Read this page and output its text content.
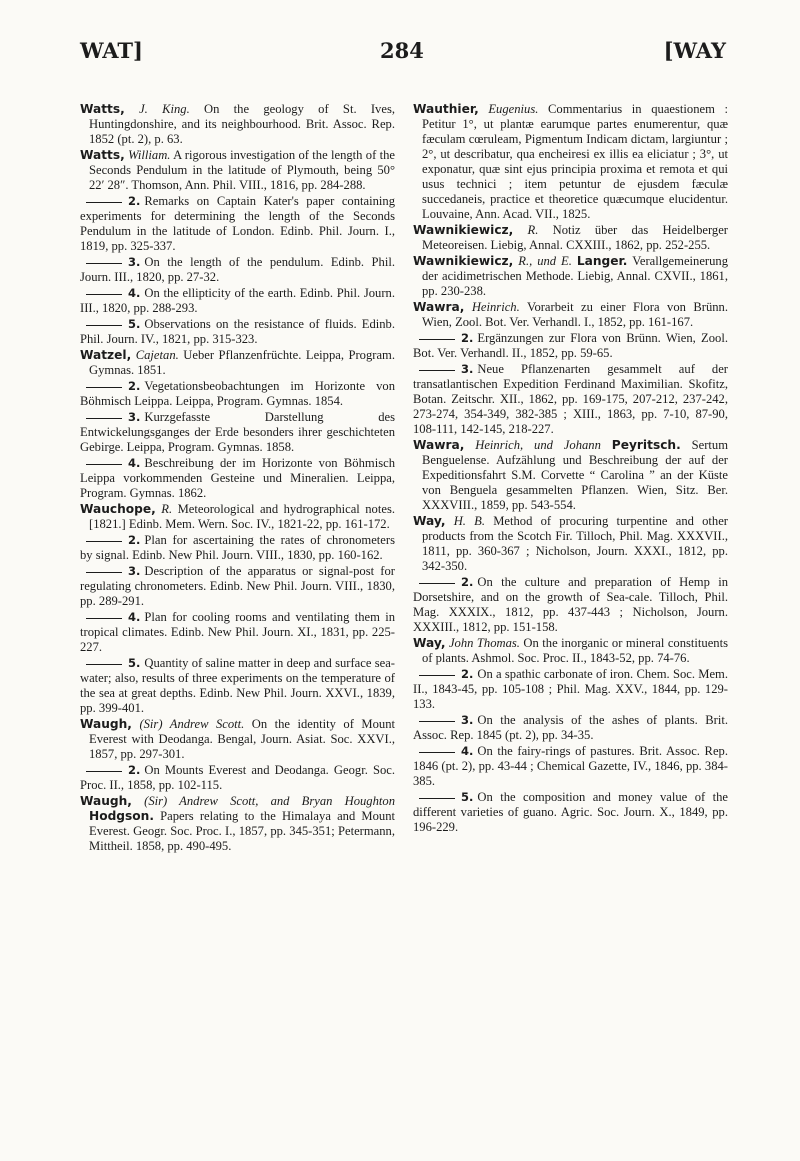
WAT]	284	[WAY

Watts, J. King. On the geology of St. Ives, Huntingdonshire, and its neighbourhood. Brit. Assoc. Rep. 1852 (pt. 2), p. 63.

Watts, William. A rigorous investigation of the length of the Seconds Pendulum in the latitude of Plymouth, being 50° 22′ 28″. Thomson, Ann. Phil. VIII., 1816, pp. 284-288.

2. Remarks on Captain Kater's paper containing experiments for determining the length of the Seconds Pendulum in the latitude of London. Edinb. Phil. Journ. I., 1819, pp. 325-337.

3. On the length of the pendulum. Edinb. Phil. Journ. III., 1820, pp. 27-32.

4. On the ellipticity of the earth. Edinb. Phil. Journ. III., 1820, pp. 288-293.

5. Observations on the resistance of fluids. Edinb. Phil. Journ. IV., 1821, pp. 315-323.

Watzel, Cajetan. Ueber Pflanzenfrüchte. Leippa, Program. Gymnas. 1851.

2. Vegetationsbeobachtungen im Horizonte von Böhmisch Leippa. Leippa, Program. Gymnas. 1854.

3. Kurzgefasste Darstellung des Entwickelungsganges der Erde besonders ihrer geschichteten Gebirge. Leippa, Program. Gymnas. 1858.

4. Beschreibung der im Horizonte von Böhmisch Leippa vorkommenden Gesteine und Mineralien. Leippa, Program. Gymnas. 1862.

Wauchope, R. Meteorological and hydrographical notes. [1821.] Edinb. Mem. Wern. Soc. IV., 1821-22, pp. 161-172.

2. Plan for ascertaining the rates of chronometers by signal. Edinb. New Phil. Journ. VIII., 1830, pp. 160-162.

3. Description of the apparatus or signal-post for regulating chronometers. Edinb. New Phil. Journ. VIII., 1830, pp. 289-291.

4. Plan for cooling rooms and ventilating them in tropical climates. Edinb. New Phil. Journ. XI., 1831, pp. 225-227.

5. Quantity of saline matter in deep and surface sea-water; also, results of three experiments on the temperature of the sea at great depths. Edinb. New Phil. Journ. XXVI., 1839, pp. 399-401.

Waugh, (Sir) Andrew Scott. On the identity of Mount Everest with Deodanga. Bengal, Journ. Asiat. Soc. XXVI., 1857, pp. 297-301.

2. On Mounts Everest and Deodanga. Geogr. Soc. Proc. II., 1858, pp. 102-115.

Waugh, (Sir) Andrew Scott, and Bryan Houghton Hodgson. Papers relating to the Himalaya and Mount Everest. Geogr. Soc. Proc. I., 1857, pp. 345-351; Petermann, Mittheil. 1858, pp. 490-495.

Wauthier, Eugenius. Commentarius in quaestionem : Petitur 1°, ut plantæ earumque partes enumerentur, quæ fæculam cœruleam, Pigmentum Indicam dictam, largiuntur ; 2°, ut describatur, qua encheiresi ex illis ea eliciatur ; 3°, ut exponatur, quæ sint ejus principia proxima et remota et qui usus technici ; item petuntur de ejusdem fæculæ succedaneis, practice et theoretice quæcumque elucidentur. Louvaine, Ann. Acad. VII., 1825.

Wawnikiewicz, R. Notiz über das Heidelberger Meteoreisen. Liebig, Annal. CXXIII., 1862, pp. 252-255.

Wawnikiewicz, R., und E. Langer. Verallgemeinerung der acidimetrischen Methode. Liebig, Annal. CXVII., 1861, pp. 230-238.

Wawra, Heinrich. Vorarbeit zu einer Flora von Brünn. Wien, Zool. Bot. Ver. Verhandl. I., 1852, pp. 161-167.

2. Ergänzungen zur Flora von Brünn. Wien, Zool. Bot. Ver. Verhandl. II., 1852, pp. 59-65.

3. Neue Pflanzenarten gesammelt auf der transatlantischen Expedition Ferdinand Maximilian. Skofitz, Botan. Zeitschr. XII., 1862, pp. 169-175, 207-212, 237-242, 273-274, 354-349, 382-385 ; XIII., 1863, pp. 7-10, 87-90, 108-111, 142-145, 218-227.

Wawra, Heinrich, und Johann Peyritsch. Sertum Benguelense. Aufzählung und Beschreibung der auf der Expeditionsfahrt S.M. Corvette “ Carolina ” an der Küste von Benguela gesammelten Pflanzen. Wien, Sitz. Ber. XXXVIII., 1859, pp. 543-554.

Way, H. B. Method of procuring turpentine and other products from the Scotch Fir. Tilloch, Phil. Mag. XXXVII., 1811, pp. 360-367 ; Nicholson, Journ. XXXI., 1812, pp. 342-350.

2. On the culture and preparation of Hemp in Dorsetshire, and on the growth of Sea-cale. Tilloch, Phil. Mag. XXXIX., 1812, pp. 437-443 ; Nicholson, Journ. XXXIII., 1812, pp. 151-158.

Way, John Thomas. On the inorganic or mineral constituents of plants. Ashmol. Soc. Proc. II., 1843-52, pp. 74-76.

2. On a spathic carbonate of iron. Chem. Soc. Mem. II., 1843-45, pp. 105-108 ; Phil. Mag. XXV., 1844, pp. 129-133.

3. On the analysis of the ashes of plants. Brit. Assoc. Rep. 1845 (pt. 2), pp. 34-35.

4. On the fairy-rings of pastures. Brit. Assoc. Rep. 1846 (pt. 2), pp. 43-44 ; Chemical Gazette, IV., 1846, pp. 384-385.

5. On the composition and money value of the different varieties of guano. Agric. Soc. Journ. X., 1849, pp. 196-229.
